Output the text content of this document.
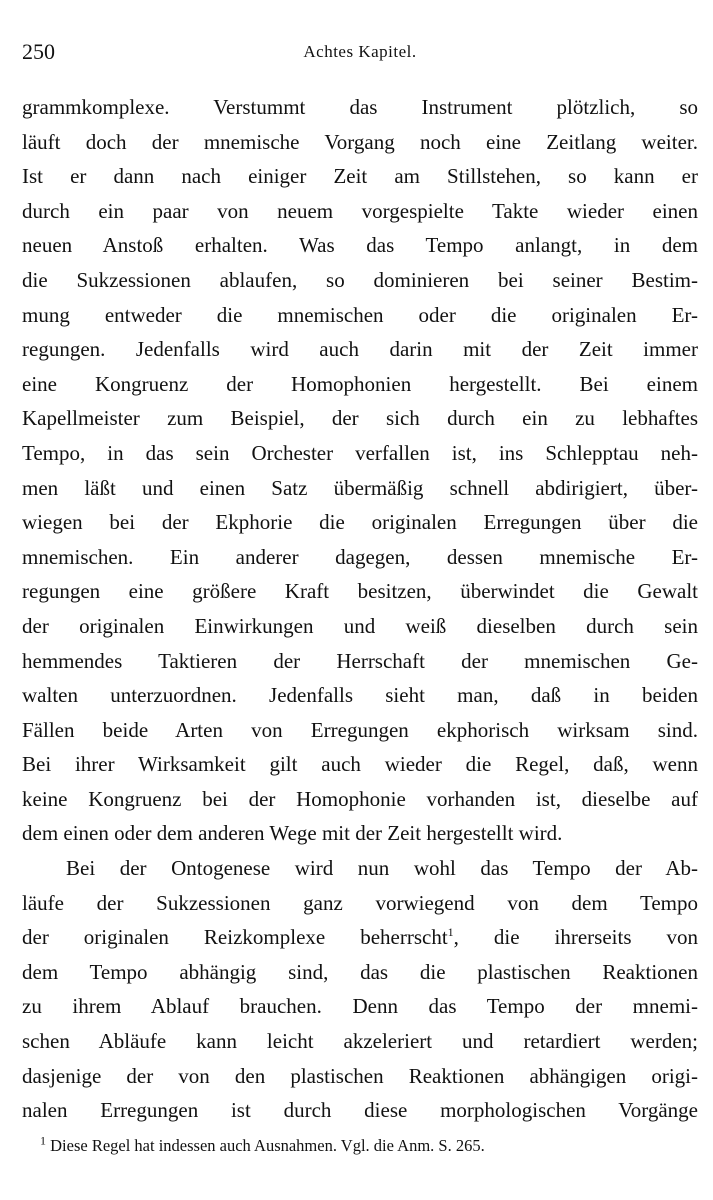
250	Achtes Kapitel.

grammkomplexe. Verstummt das Instrument plötzlich, so
läuft doch der mnemische Vorgang noch eine Zeitlang weiter.
Ist er dann nach einiger Zeit am Stillstehen, so kann er
durch ein paar von neuem vorgespielte Takte wieder einen
neuen Anstoß erhalten. Was das Tempo anlangt, in dem
die Sukzessionen ablaufen, so dominieren bei seiner Bestim-
mung entweder die mnemischen oder die originalen Er-
regungen. Jedenfalls wird auch darin mit der Zeit immer
eine Kongruenz der Homophonien hergestellt. Bei einem
Kapellmeister zum Beispiel, der sich durch ein zu lebhaftes
Tempo, in das sein Orchester verfallen ist, ins Schlepptau neh-
men läßt und einen Satz übermäßig schnell abdirigiert, über-
wiegen bei der Ekphorie die originalen Erregungen über die
mnemischen. Ein anderer dagegen, dessen mnemische Er-
regungen eine größere Kraft besitzen, überwindet die Gewalt
der originalen Einwirkungen und weiß dieselben durch sein
hemmendes Taktieren der Herrschaft der mnemischen Ge-
walten unterzuordnen. Jedenfalls sieht man, daß in beiden
Fällen beide Arten von Erregungen ekphorisch wirksam sind.
Bei ihrer Wirksamkeit gilt auch wieder die Regel, daß, wenn
keine Kongruenz bei der Homophonie vorhanden ist, dieselbe auf
dem einen oder dem anderen Wege mit der Zeit hergestellt wird.

Bei der Ontogenese wird nun wohl das Tempo der Ab-
läufe der Sukzessionen ganz vorwiegend von dem Tempo
der originalen Reizkomplexe beherrscht$^1$, die ihrerseits von
dem Tempo abhängig sind, das die plastischen Reaktionen
zu ihrem Ablauf brauchen. Denn das Tempo der mnemi-
schen Abläufe kann leicht akzeleriert und retardiert werden;
dasjenige der von den plastischen Reaktionen abhängigen origi-
nalen Erregungen ist durch diese morphologischen Vorgänge

$^1$ Diese Regel hat indessen auch Ausnahmen. Vgl. die Anm. S. 265.
